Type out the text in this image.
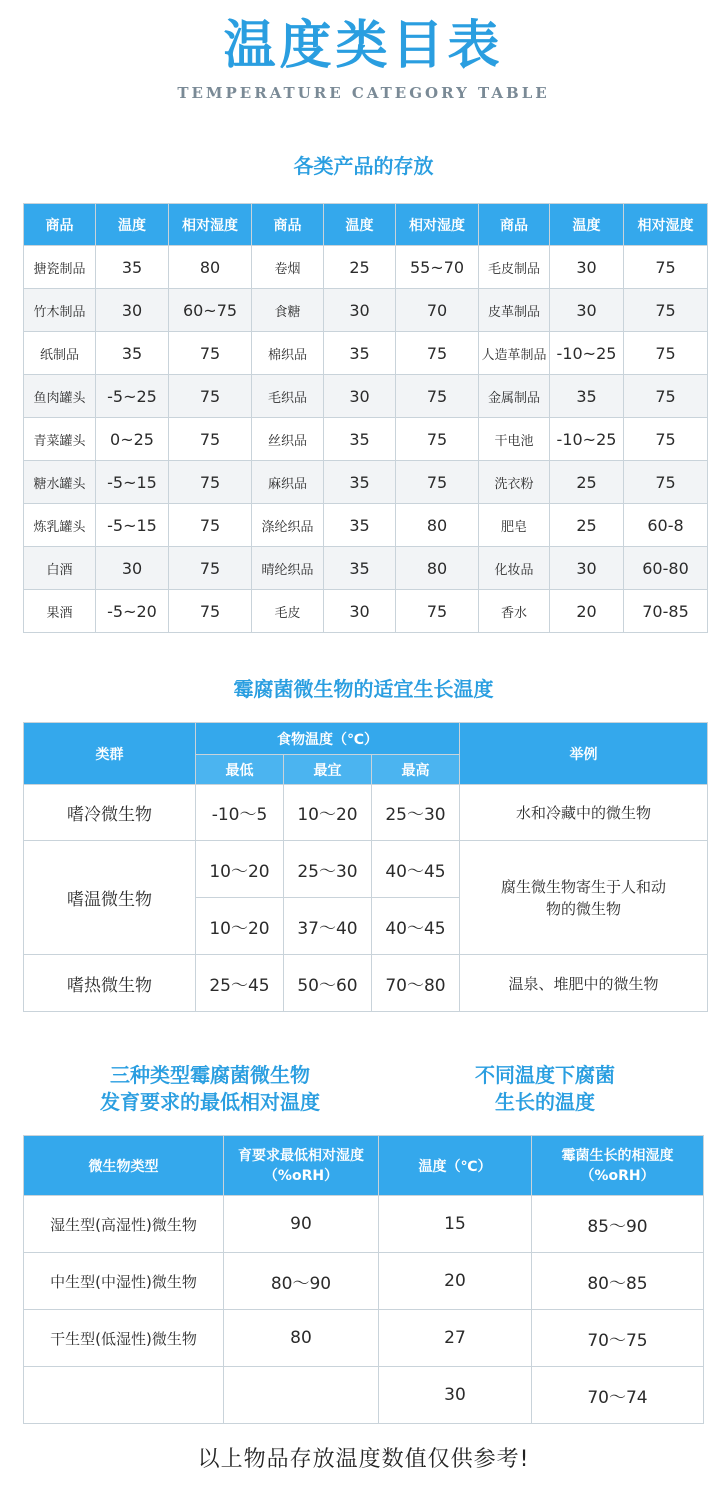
温度类目表
TEMPERATURE CATEGORY TABLE
各类产品的存放
商品	温度	相对湿度	商品	温度	相对湿度	商品	温度	相对湿度
搪瓷制品	35	80	卷烟	25	55~70	毛皮制品	30	75
竹木制品	30	60~75	食糖	30	70	皮革制品	30	75
纸制品	35	75	棉织品	35	75	人造革制品	-10~25	75
鱼肉罐头	-5~25	75	毛织品	30	75	金属制品	35	75
青菜罐头	0~25	75	丝织品	35	75	干电池	-10~25	75
糖水罐头	-5~15	75	麻织品	35	75	洗衣粉	25	75
炼乳罐头	-5~15	75	涤纶织品	35	80	肥皂	25	60-8
白酒	30	75	晴纶织品	35	80	化妆品	30	60-80
果酒	-5~20	75	毛皮	30	75	香水	20	70-85
霉腐菌微生物的适宜生长温度
类群	食物温度（℃）			举例
	最低	最宜	最高	
嗜冷微生物	-10～5	10～20	25～30	水和冷藏中的微生物
嗜温微生物	10～20	25～30	40～45	腐生微生物寄生于人和动物的微生物
	10～20	37～40	40～45	
嗜热微生物	25～45	50～60	70～80	温泉、堆肥中的微生物
三种类型霉腐菌微生物
发育要求的最低相对温度
不同温度下腐菌
生长的温度
微生物类型	育要求最低相对湿度（%oRH）	温度（℃）	霉菌生长的相湿度（%oRH）
湿生型(高湿性)微生物	90	15	85～90
中生型(中湿性)微生物	80～90	20	80～85
干生型(低湿性)微生物	80	27	70～75
		30	70～74
以上物品存放温度数值仅供参考!
